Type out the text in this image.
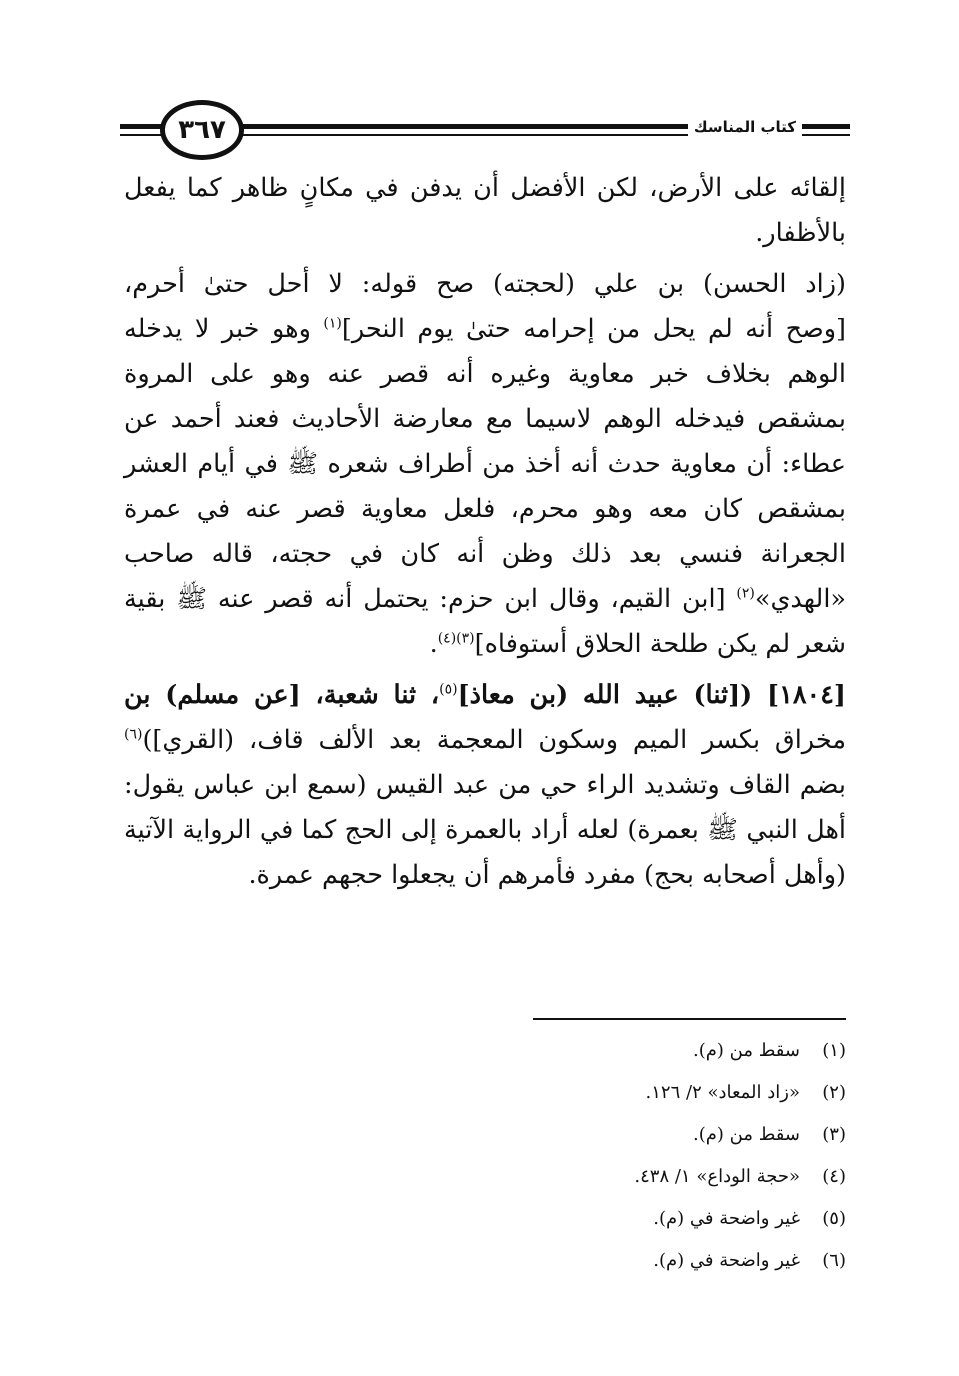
كتاب المناسك
٣٦٧
إلقائه على الأرض، لكن الأفضل أن يدفن في مكانٍ ظاهر كما يفعل
بالأظفار.
(زاد الحسن) بن علي (لحجته) صح قوله: لا أحل حتىٰ أحرم،
[وصح أنه لم يحل من إحرامه حتىٰ يوم النحر]$^{(١)}$ وهو خبر لا يدخله
الوهم بخلاف خبر معاوية وغيره أنه قصر عنه وهو على المروة
بمشقص فيدخله الوهم لاسيما مع معارضة الأحاديث فعند أحمد عن
عطاء: أن معاوية حدث أنه أخذ من أطراف شعره ﷺ في أيام العشر
بمشقص كان معه وهو محرم، فلعل معاوية قصر عنه في عمرة
الجعرانة فنسي بعد ذلك وظن أنه كان في حجته، قاله صاحب
«الهدي»$^{(٢)}$ [ابن القيم، وقال ابن حزم: يحتمل أنه قصر عنه ﷺ بقية
شعر لم يكن طلحة الحلاق أستوفاه]$^{(٣)(٤)}$.
[١٨٠٤] ([ثنا) عبيد الله (بن معاذ]$^{(٥)}$، ثنا شعبة، [عن مسلم) بن
مخراق بكسر الميم وسكون المعجمة بعد الألف قاف، (القري])$^{(٦)}$
بضم القاف وتشديد الراء حي من عبد القيس (سمع ابن عباس يقول:
أهل النبي ﷺ بعمرة) لعله أراد بالعمرة إلى الحج كما في الرواية الآتية
(وأهل أصحابه بحج) مفرد فأمرهم أن يجعلوا حجهم عمرة.
(١)سقط من (م).
(٢)«زاد المعاد» ٢/ ١٢٦.
(٣)سقط من (م).
(٤)«حجة الوداع» ١/ ٤٣٨.
(٥)غير واضحة في (م).
(٦)غير واضحة في (م).
